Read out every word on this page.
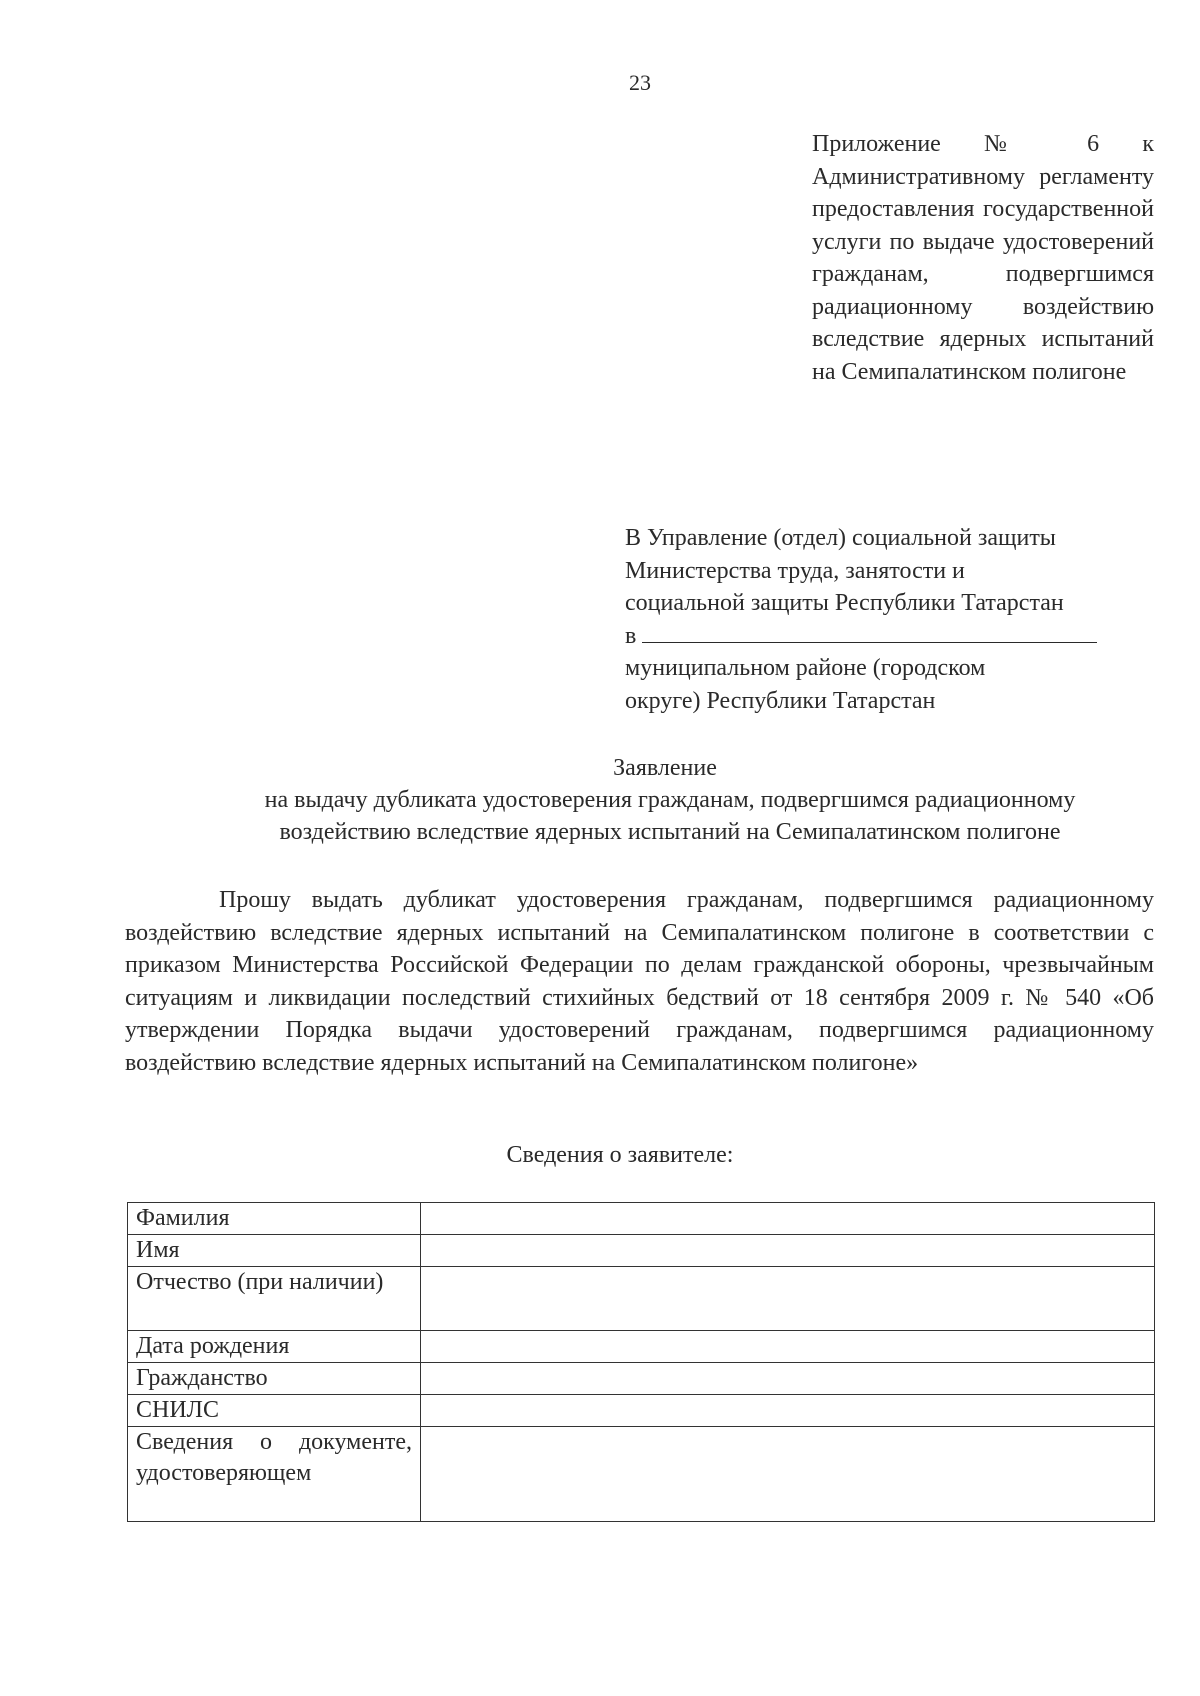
23
Приложение № 6 к Административному регламенту предоставления государственной услуги по выдаче удостоверений гражданам, подвергшимся радиационному воздействию вследствие ядерных испытаний на Семипалатинском полигоне
В Управление (отдел) социальной защиты
Министерства труда, занятости и
социальной защиты Республики Татарстан
в
муниципальном районе (городском
округе) Республики Татарстан
Заявление
на выдачу дубликата удостоверения гражданам, подвергшимся радиационному
воздействию вследствие ядерных испытаний на Семипалатинском полигоне
Прошу выдать дубликат удостоверения гражданам, подвергшимся радиационному воздействию вследствие ядерных испытаний на Семипалатинском полигоне в соответствии с приказом Министерства Российской Федерации по делам гражданской обороны, чрезвычайным ситуациям и ликвидации последствий стихийных бедствий от 18 сентября 2009 г. № 540 «Об утверждении Порядка выдачи удостоверений гражданам, подвергшимся радиационному воздействию вследствие ядерных испытаний на Семипалатинском полигоне»
Сведения о заявителе:
Фамилия	
Имя	
Отчество (при наличии)	
Дата рождения	
Гражданство	
СНИЛС	
Сведения о документе, удостоверяющем	
